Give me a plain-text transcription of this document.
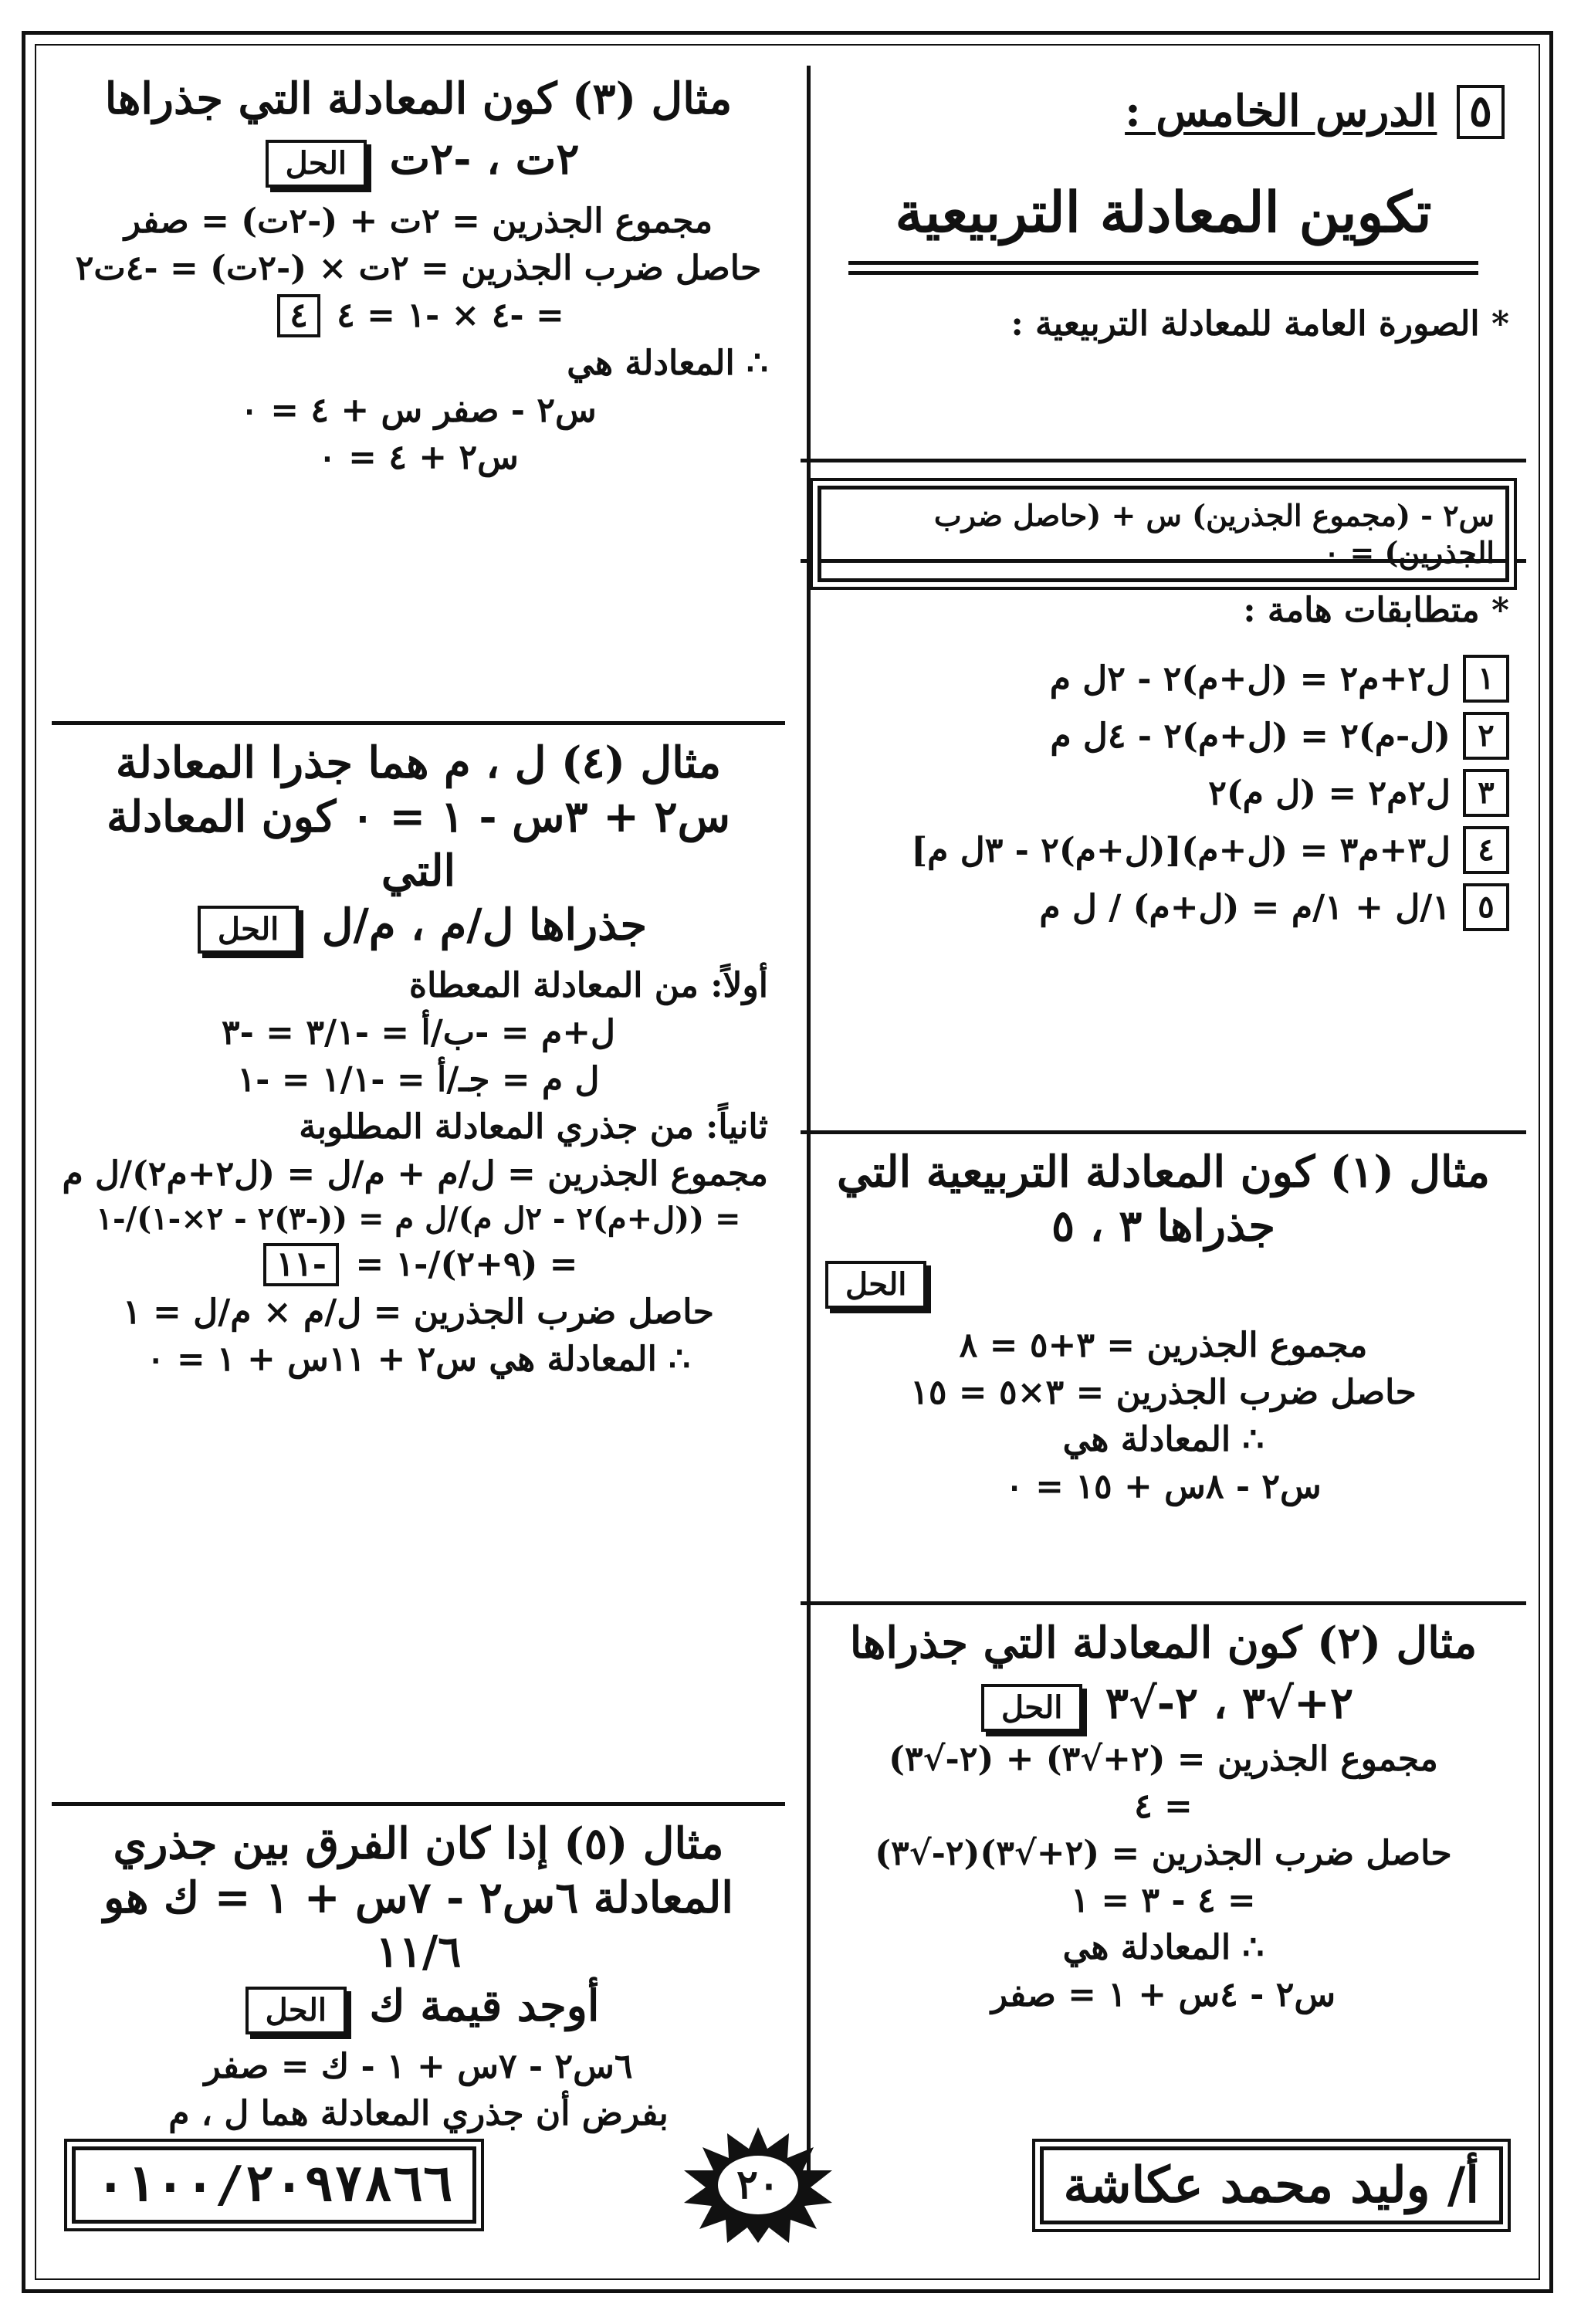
٥ الدرس الخامس :
تكوين المعادلة التربيعية
* الصورة العامة للمعادلة التربيعية :
س٢ - (مجموع الجذرين) س + (حاصل ضرب الجذرين) = ٠
* متطابقات هامة :
١
ل٢+م٢ = (ل+م)٢ - ٢ل م
٢
(ل-م)٢ = (ل+م)٢ - ٤ل م
٣
ل٢م٢ = (ل م)٢
٤
ل٣+م٣ = (ل+م)[(ل+م)٢ - ٣ل م]
٥
١/ل + ١/م = (ل+م) / ل م
مثال (١) كون المعادلة التربيعية التي جذراها ٣ ، ٥
الحل
مجموع الجذرين = ٣+٥ = ٨
حاصل ضرب الجذرين = ٣×٥ = ١٥
∴ المعادلة هي
س٢ - ٨س + ١٥ = ٠
مثال (٢) كون المعادلة التي جذراها
٢+√٣ ، ٢-√٣ الحل
مجموع الجذرين = (٢+√٣) + (٢-√٣)
= ٤
حاصل ضرب الجذرين = (٢+√٣)(٢-√٣)
= ٤ - ٣ = ١
∴ المعادلة هي
س٢ - ٤س + ١ = صفر
مثال (٣) كون المعادلة التي جذراها
٢ت ، -٢ت الحل
مجموع الجذرين = ٢ت + (-٢ت) = صفر
حاصل ضرب الجذرين = ٢ت × (-٢ت) = -٤ت٢
= -٤ × -١ = ٤ ٤
∴ المعادلة هي
س٢ - صفر س + ٤ = ٠
س٢ + ٤ = ٠
مثال (٤) ل ، م هما جذرا المعادلة
س٢ + ٣س - ١ = ٠ كون المعادلة التي
جذراها ل/م ، م/ل الحل
أولاً: من المعادلة المعطاة
ل+م = -ب/أ = -٣/١ = -٣
ل م = جـ/أ = -١/١ = -١
ثانياً: من جذري المعادلة المطلوبة
مجموع الجذرين = ل/م + م/ل = (ل٢+م٢)/ل م
= ((ل+م)٢ - ٢ل م)/ل م = ((-٣)٢ - ٢×-١)/-١
= (٩+٢)/-١ = -١١
حاصل ضرب الجذرين = ل/م × م/ل = ١
∴ المعادلة هي س٢ + ١١س + ١ = ٠
مثال (٥) إذا كان الفرق بين جذري
المعادلة ٦س٢ - ٧س + ١ = ك هو ١١/٦
أوجد قيمة ك الحل
٦س٢ - ٧س + ١ - ك = صفر
بفرض أن جذري المعادلة هما ل ، م
٠١٠٠/٢٠٩٧٨٦٦	٢٠	أ/ وليد محمد عكاشة
